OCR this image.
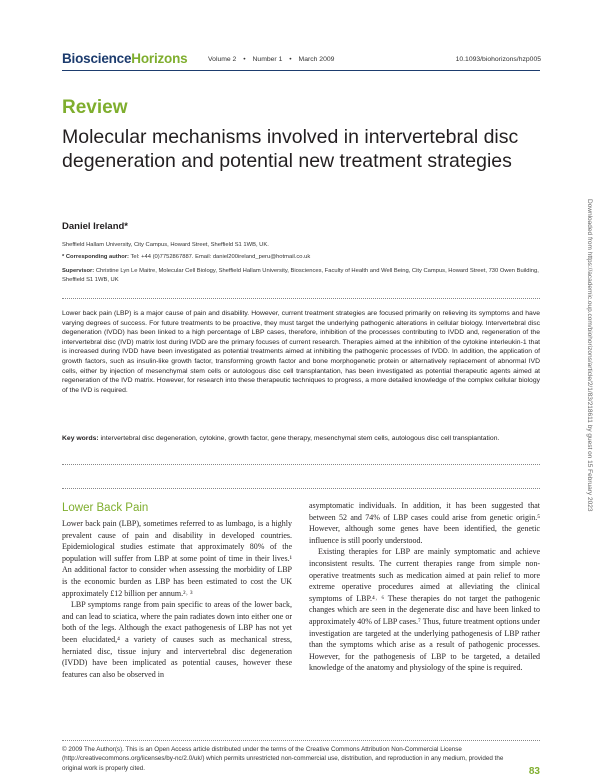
BioscienceHorizons	Volume 2 • Number 1 • March 2009	10.1093/biohorizons/hzp005
Review
Molecular mechanisms involved in intervertebral disc degeneration and potential new treatment strategies
Daniel Ireland*
Sheffield Hallam University, City Campus, Howard Street, Sheffield S1 1WB, UK.
* Corresponding author: Tel: +44 (0)7752867887. Email: daniel200ireland_peru@hotmail.co.uk
Supervisor: Christine Lyn Le Maitre, Molecular Cell Biology, Sheffield Hallam University, Biosciences, Faculty of Health and Well Being, City Campus, Howard Street, 730 Owen Building, Sheffield S1 1WB, UK
Lower back pain (LBP) is a major cause of pain and disability. However, current treatment strategies are focused primarily on relieving its symptoms and have varying degrees of success. For future treatments to be proactive, they must target the underlying pathogenic alterations in cellular biology. Intervertebral disc degeneration (IVDD) has been linked to a high percentage of LBP cases, therefore, inhibition of the processes contributing to IVDD and, regeneration of the intervertebral disc (IVD) matrix lost during IVDD are the primary focuses of current research. Therapies aimed at the inhibition of the cytokine interleukin-1 that is increased during IVDD have been investigated as potential treatments aimed at inhibiting the pathogenic processes of IVDD. In addition, the application of growth factors, such as insulin-like growth factor, transforming growth factor and bone morphogenetic protein or alternatively replacement of abnormal IVD cells, either by injection of mesenchymal stem cells or autologous disc cell transplantation, has been investigated as potential therapeutic agents aimed at regeneration of the IVD matrix. However, for research into these therapeutic techniques to progress, a more detailed knowledge of the complex cellular biology of the IVD is required.
Key words: intervertebral disc degeneration, cytokine, growth factor, gene therapy, mesenchymal stem cells, autologous disc cell transplantation.
Lower Back Pain

Lower back pain (LBP), sometimes referred to as lumbago, is a highly prevalent cause of pain and disability in developed countries. Epidemiological studies estimate that approximately 80% of the population will suffer from LBP at some point of time in their lives.¹ An additional factor to consider when assessing the morbidity of LBP is the economic burden as LBP has been estimated to cost the UK approximately £12 billion per annum.²˒ ³

LBP symptoms range from pain specific to areas of the lower back, and can lead to sciatica, where the pain radiates down into either one or both of the legs. Although the exact pathogenesis of LBP has not yet been elucidated,⁴ a variety of causes such as mechanical stress, herniated disc, tissue injury and intervertebral disc degeneration (IVDD) have been implicated as potential causes, however these features can also be observed in

asymptomatic individuals. In addition, it has been suggested that between 52 and 74% of LBP cases could arise from genetic origin.⁵ However, although some genes have been identified, the genetic influence is still poorly understood.

Existing therapies for LBP are mainly symptomatic and achieve inconsistent results. The current therapies range from simple non-operative treatments such as medication aimed at pain relief to more extreme operative procedures aimed at alleviating the clinical symptoms of LBP.⁴˒ ⁶ These therapies do not target the pathogenic changes which are seen in the degenerate disc and have been linked to approximately 40% of LBP cases.⁷ Thus, future treatment options under investigation are targeted at the underlying pathogenesis of LBP rather than the symptoms which arise as a result of pathogenic processes. However, for the pathogenesis of LBP to be targeted, a detailed knowledge of the anatomy and physiology of the spine is required.

© 2009 The Author(s). This is an Open Access article distributed under the terms of the Creative Commons Attribution Non-Commercial License (http://creativecommons.org/licenses/by-nc/2.0/uk/) which permits unrestricted non-commercial use, distribution, and reproduction in any medium, provided the original work is properly cited.	83
Downloaded from https://academic.oup.com/biohorizons/article/2/1/83/218611 by guest on 15 February 2023
